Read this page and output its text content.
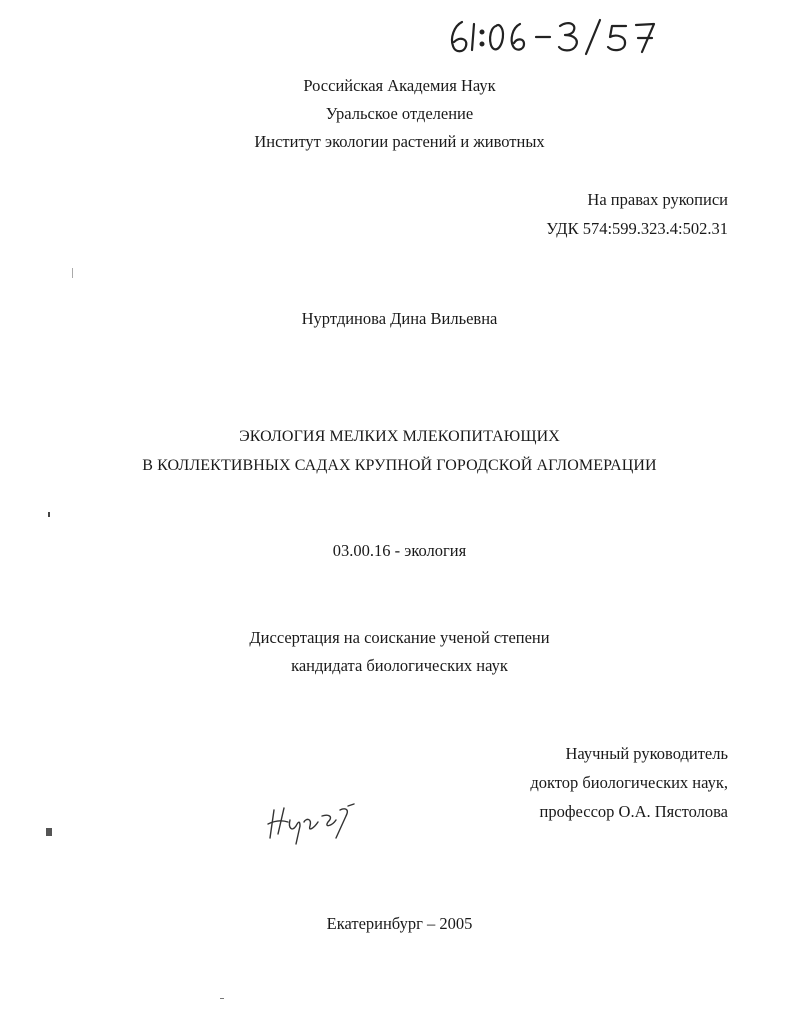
Российская Академия Наук
Уральское отделение
Институт экологии растений и животных
На правах рукописи
УДК 574:599.323.4:502.31
Нуртдинова Дина Вильевна
ЭКОЛОГИЯ МЕЛКИХ МЛЕКОПИТАЮЩИХ
В КОЛЛЕКТИВНЫХ САДАХ КРУПНОЙ ГОРОДСКОЙ АГЛОМЕРАЦИИ
03.00.16 - экология
Диссертация на соискание ученой степени
кандидата биологических наук
Научный руководитель
доктор биологических наук,
профессор О.А. Пястолова
Екатеринбург – 2005
